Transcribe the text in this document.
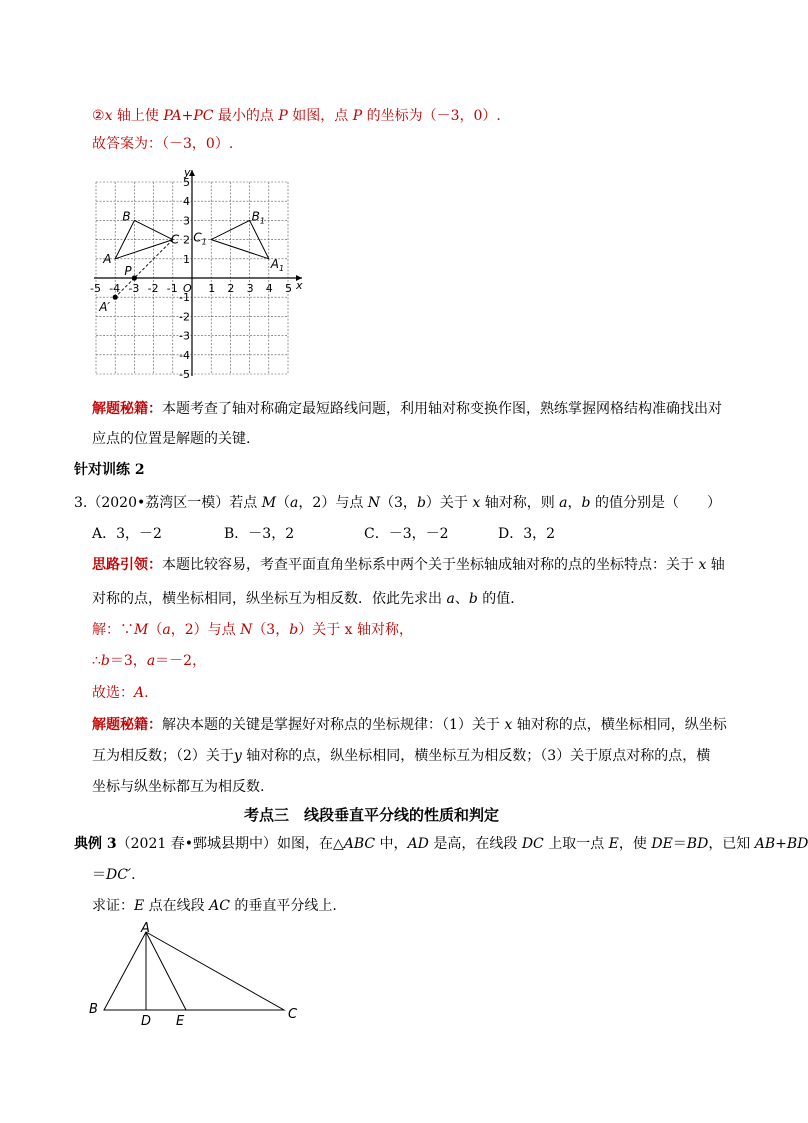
②x 轴上使 PA+PC 最小的点 P 如图，点 P 的坐标为（－3，0）.
故答案为：（－3，0）.
x
y
O
-5 -4 -3 -2 -1	1 2 3 4 5
5
4
3
2
1
-1
-2
-3
-4
-5
A
B
C
$A_1$
$B_1$
$C_1$
P
A′
解题秘籍：本题考查了轴对称确定最短路线问题，利用轴对称变换作图，熟练掌握网格结构准确找出对
应点的位置是解题的关键.
针对训练 2
3.（2020•荔湾区一模）若点 M（a，2）与点 N（3，b）关于 x 轴对称，则 a，b 的值分别是（　　）
A．3，－2	B．－3，2	C．－3，－2	D．3，2
思路引领：本题比较容易，考查平面直角坐标系中两个关于坐标轴成轴对称的点的坐标特点：关于 x 轴
对称的点，横坐标相同，纵坐标互为相反数．依此先求出 a、b 的值．
解：∵M（a，2）与点 N（3，b）关于 x 轴对称，
∴b＝3，a＝－2，
故选：A.
解题秘籍：解决本题的关键是掌握好对称点的坐标规律：（1）关于 x 轴对称的点，横坐标相同，纵坐标
互为相反数；（2）关于y 轴对称的点，纵坐标相同，横坐标互为相反数；（3）关于原点对称的点，横
坐标与纵坐标都互为相反数.
考点三　线段垂直平分线的性质和判定
典例 3（2021 春•鄄城县期中）如图，在△ABC 中，AD 是高，在线段 DC 上取一点 E，使 DE＝BD，已知 AB+BD
＝DC′.
求证：E 点在线段 AC 的垂直平分线上.
A
B	C
D E
